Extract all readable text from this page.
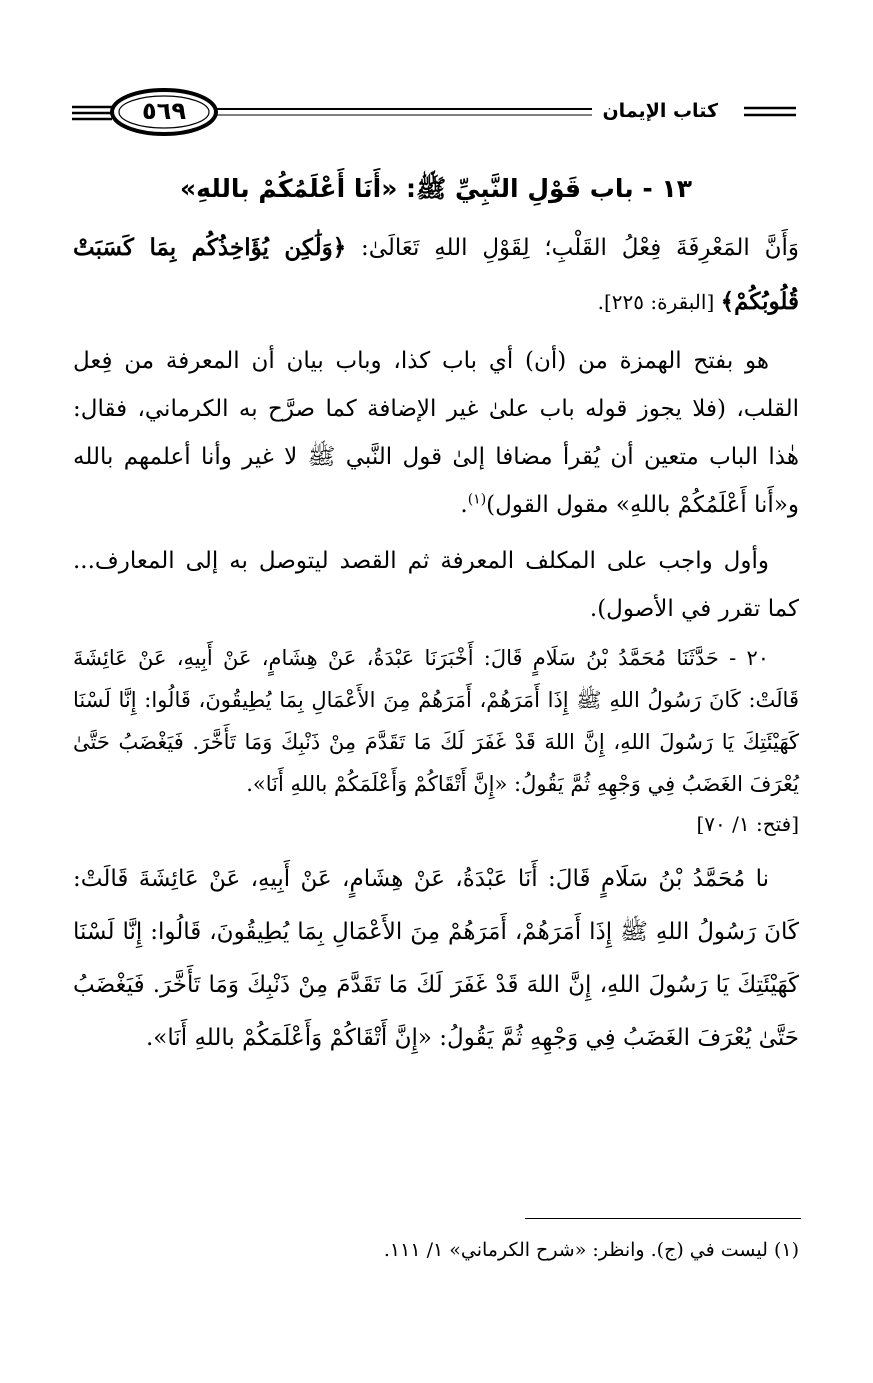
كتاب الإيمان
٥٦٩
١٣ - باب قَوْلِ النَّبِيِّ ﷺ: «أَنَا أَعْلَمُكُمْ باللهِ»

وَأَنَّ المَعْرِفَةَ فِعْلُ القَلْبِ؛ لِقَوْلِ اللهِ تَعَالَىٰ: ﴿وَلَٰكِن يُؤَاخِذُكُم بِمَا كَسَبَتْ قُلُوبُكُمْ﴾ [البقرة: ٢٢٥].

هو بفتح الهمزة من (أن) أي باب كذا، وباب بيان أن المعرفة من فِعل القلب، (فلا يجوز قوله باب علىٰ غير الإضافة كما صرَّح به الكرماني، فقال: هٰذا الباب متعين أن يُقرأ مضافا إلىٰ قول النَّبي ﷺ لا غير وأنا أعلمهم بالله و«أَنا أَعْلَمُكُمْ باللهِ» مقول القول)$^{(١)}$.

وأول واجب على المكلف المعرفة ثم القصد ليتوصل به إلى المعارف... كما تقرر في الأصول).

٢٠ - حَدَّثَنَا مُحَمَّدُ بْنُ سَلَامٍ قَالَ: أَخْبَرَنَا عَبْدَةُ، عَنْ هِشَامٍ، عَنْ أَبِيهِ، عَنْ عَائِشَةَ قَالَتْ: كَانَ رَسُولُ اللهِ ﷺ إِذَا أَمَرَهُمْ، أَمَرَهُمْ مِنَ الأَعْمَالِ بِمَا يُطِيقُونَ، قَالُوا: إِنَّا لَسْنَا كَهَيْئَتِكَ يَا رَسُولَ اللهِ، إِنَّ اللهَ قَدْ غَفَرَ لَكَ مَا تَقَدَّمَ مِنْ ذَنْبِكَ وَمَا تَأَخَّرَ. فَيَغْضَبُ حَتَّىٰ يُعْرَفَ الغَضَبُ فِي وَجْهِهِ ثُمَّ يَقُولُ: «إِنَّ أَتْقَاكُمْ وَأَعْلَمَكُمْ باللهِ أَنَا».

[فتح: ١/ ٧٠]

نا مُحَمَّدُ بْنُ سَلَامٍ قَالَ: أَنَا عَبْدَةُ، عَنْ هِشَامٍ، عَنْ أَبِيهِ، عَنْ عَائِشَةَ قَالَتْ: كَانَ رَسُولُ اللهِ ﷺ إِذَا أَمَرَهُمْ، أَمَرَهُمْ مِنَ الأَعْمَالِ بِمَا يُطِيقُونَ، قَالُوا: إِنَّا لَسْنَا كَهَيْئَتِكَ يَا رَسُولَ اللهِ، إِنَّ اللهَ قَدْ غَفَرَ لَكَ مَا تَقَدَّمَ مِنْ ذَنْبِكَ وَمَا تَأَخَّرَ. فَيَغْضَبُ حَتَّىٰ يُعْرَفَ الغَضَبُ فِي وَجْهِهِ ثُمَّ يَقُولُ: «إِنَّ أَتْقَاكُمْ وَأَعْلَمَكُمْ باللهِ أَنَا».

(١) ليست في (ج). وانظر: «شرح الكرماني» ١/ ١١١.
